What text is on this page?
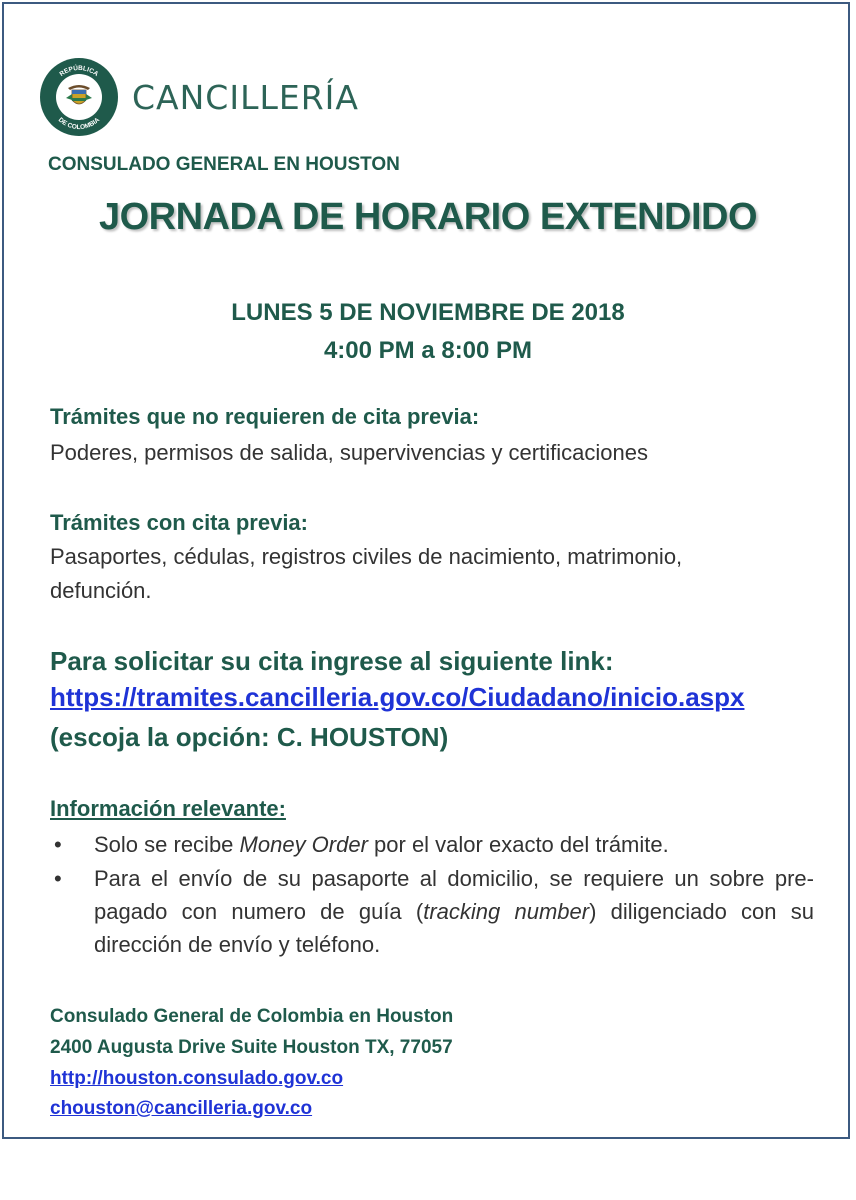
REPÚBLICA
DE COLOMBIA
CANCILLERÍA

CONSULADO GENERAL EN HOUSTON

JORNADA DE HORARIO EXTENDIDO
LUNES 5 DE NOVIEMBRE DE 2018
4:00 PM a 8:00 PM

Trámites que no requieren de cita previa:

Poderes, permisos de salida, supervivencias y certificaciones

Trámites con cita previa:

Pasaportes, cédulas, registros civiles de nacimiento, matrimonio,

defunción.

Para solicitar su cita ingrese al siguiente link:

https://tramites.cancilleria.gov.co/Ciudadano/inicio.aspx

(escoja la opción: C. HOUSTON)

Información relevante:

•	Solo se recibe Money Order por el valor exacto del trámite.
•	Para el envío de su pasaporte al domicilio, se requiere un sobre pre-pagado con numero de guía (tracking number) diligenciado con su dirección de envío y teléfono.

Consulado General de Colombia en Houston

2400 Augusta Drive Suite Houston TX, 77057

http://houston.consulado.gov.co
chouston@cancilleria.gov.co
